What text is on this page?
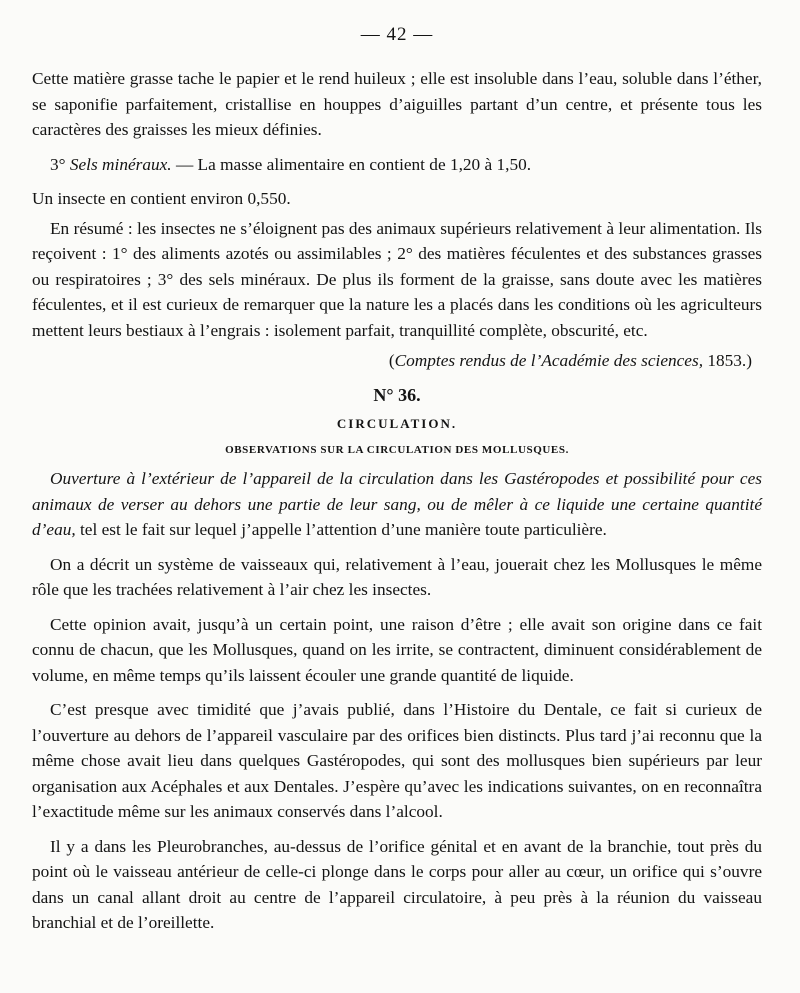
— 42 —

Cette matière grasse tache le papier et le rend huileux ; elle est insoluble dans l’eau, soluble dans l’éther, se saponifie parfaitement, cristallise en houppes d’aiguilles partant d’un centre, et présente tous les caractères des graisses les mieux définies.

3° Sels minéraux. — La masse alimentaire en contient de 1,20 à 1,50.

Un insecte en contient environ 0,550.

En résumé : les insectes ne s’éloignent pas des animaux supérieurs relativement à leur alimentation. Ils reçoivent : 1° des aliments azotés ou assimilables ; 2° des matières féculentes et des substances grasses ou respiratoires ; 3° des sels minéraux. De plus ils forment de la graisse, sans doute avec les matières féculentes, et il est curieux de remarquer que la nature les a placés dans les conditions où les agriculteurs mettent leurs bestiaux à l’engrais : isolement parfait, tranquillité complète, obscurité, etc.

(Comptes rendus de l’Académie des sciences, 1853.)
N° 36.
CIRCULATION.
OBSERVATIONS SUR LA CIRCULATION DES MOLLUSQUES.

Ouverture à l’extérieur de l’appareil de la circulation dans les Gastéropodes et possibilité pour ces animaux de verser au dehors une partie de leur sang, ou de mêler à ce liquide une certaine quantité d’eau, tel est le fait sur lequel j’appelle l’attention d’une manière toute particulière.

On a décrit un système de vaisseaux qui, relativement à l’eau, jouerait chez les Mollusques le même rôle que les trachées relativement à l’air chez les insectes.

Cette opinion avait, jusqu’à un certain point, une raison d’être ; elle avait son origine dans ce fait connu de chacun, que les Mollusques, quand on les irrite, se contractent, diminuent considérablement de volume, en même temps qu’ils laissent écouler une grande quantité de liquide.

C’est presque avec timidité que j’avais publié, dans l’Histoire du Dentale, ce fait si curieux de l’ouverture au dehors de l’appareil vasculaire par des orifices bien distincts. Plus tard j’ai reconnu que la même chose avait lieu dans quelques Gastéropodes, qui sont des mollusques bien supérieurs par leur organisation aux Acéphales et aux Dentales. J’espère qu’avec les indications suivantes, on en reconnaîtra l’exactitude même sur les animaux conservés dans l’alcool.

Il y a dans les Pleurobranches, au-dessus de l’orifice génital et en avant de la branchie, tout près du point où le vaisseau antérieur de celle-ci plonge dans le corps pour aller au cœur, un orifice qui s’ouvre dans un canal allant droit au centre de l’appareil circulatoire, à peu près à la réunion du vaisseau branchial et de l’oreillette.
